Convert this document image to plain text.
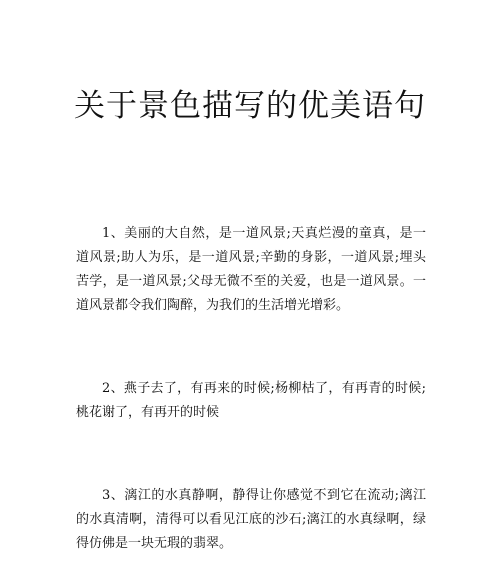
关于景色描写的优美语句

1、美丽的大自然，是一道风景;天真烂漫的童真，是一道风景;助人为乐，是一道风景;辛勤的身影，一道风景;埋头苦学，是一道风景;父母无微不至的关爱，也是一道风景。一道风景都令我们陶醉，为我们的生活增光增彩。

2、燕子去了，有再来的时候;杨柳枯了，有再青的时候;桃花谢了，有再开的时候

3、漓江的水真静啊，静得让你感觉不到它在流动;漓江的水真清啊，清得可以看见江底的沙石;漓江的水真绿啊，绿得仿佛是一块无瑕的翡翠。
